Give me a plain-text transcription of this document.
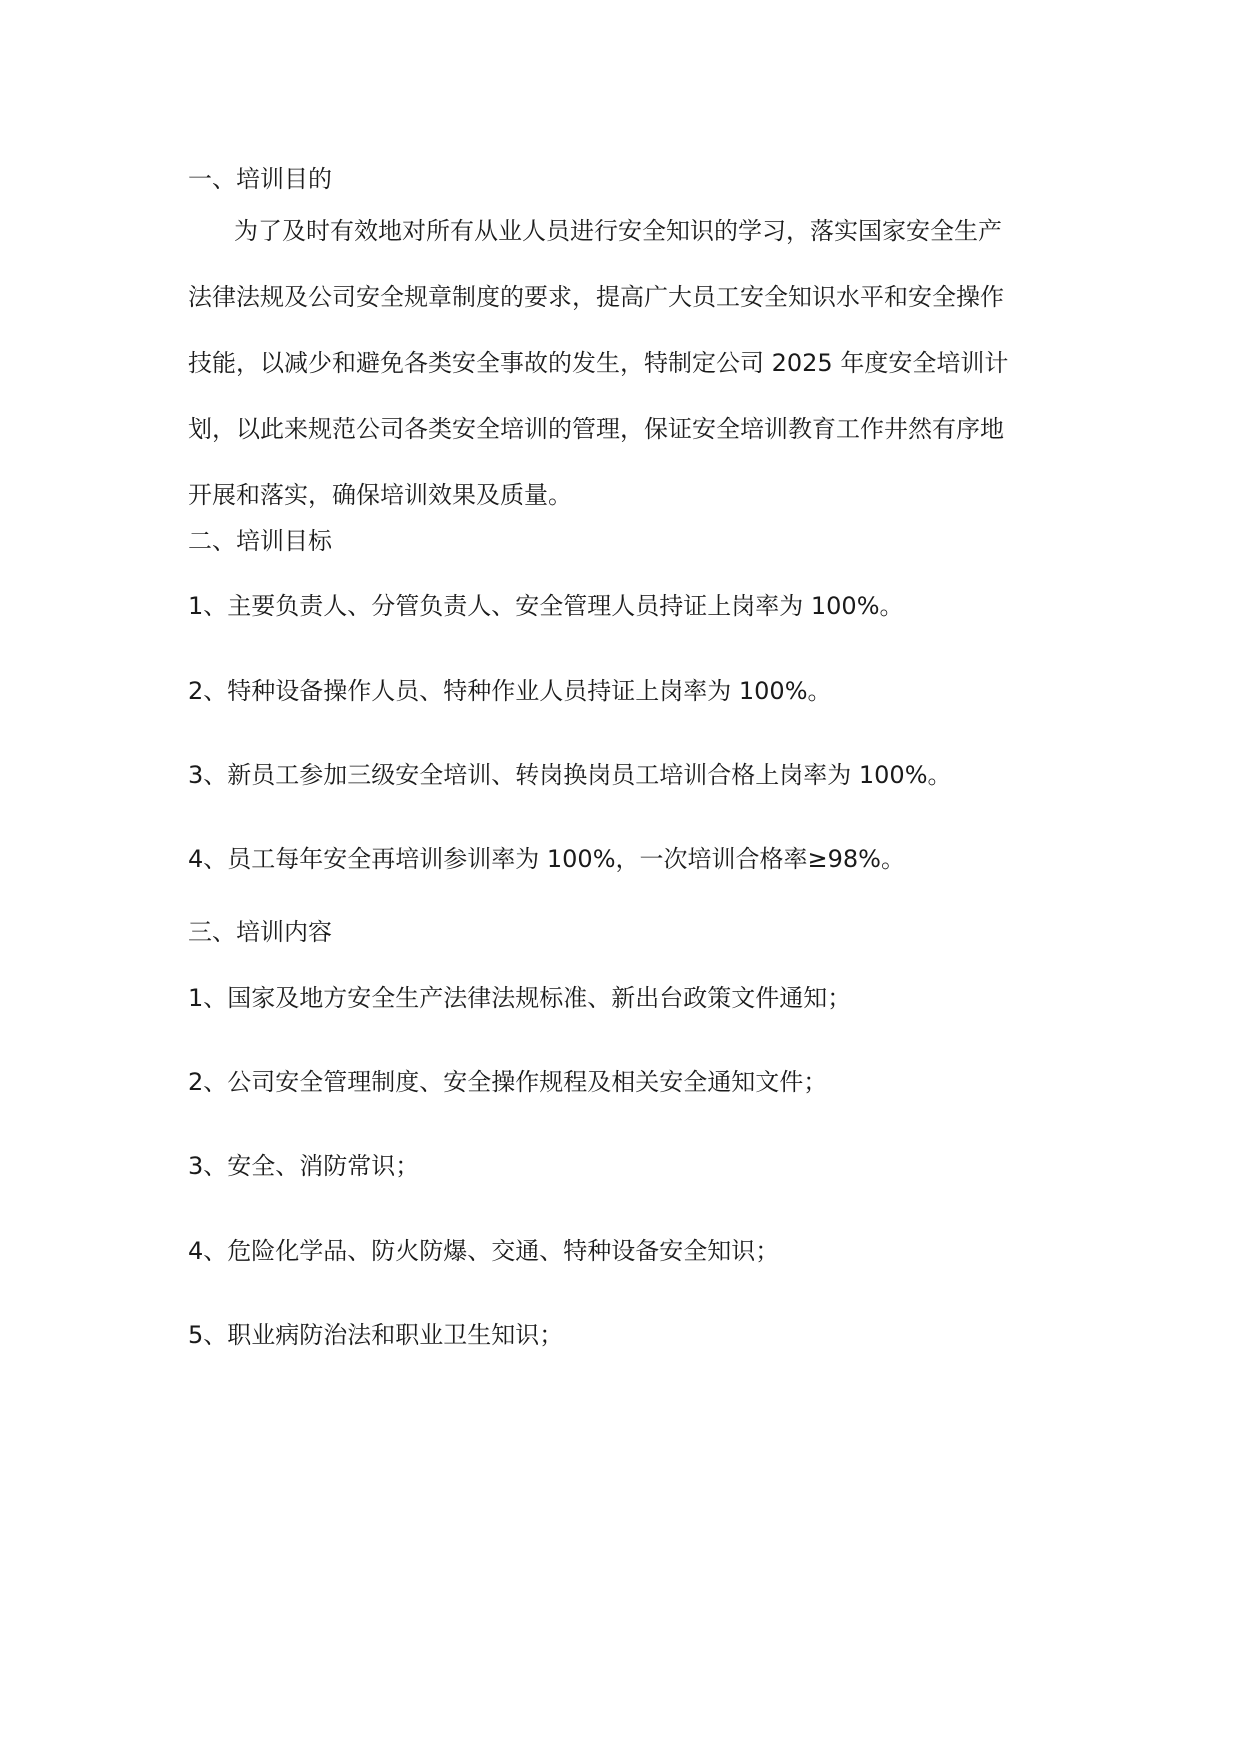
一、培训目的
为了及时有效地对所有从业人员进行安全知识的学习，落实国家安全生产
法律法规及公司安全规章制度的要求，提高广大员工安全知识水平和安全操作
技能，以减少和避免各类安全事故的发生，特制定公司 2025 年度安全培训计
划，以此来规范公司各类安全培训的管理，保证安全培训教育工作井然有序地
开展和落实，确保培训效果及质量。
二、培训目标
1、主要负责人、分管负责人、安全管理人员持证上岗率为 100%。
2、特种设备操作人员、特种作业人员持证上岗率为 100%。
3、新员工参加三级安全培训、转岗换岗员工培训合格上岗率为 100%。
4、员工每年安全再培训参训率为 100%，一次培训合格率≥98%。
三、培训内容
1、国家及地方安全生产法律法规标准、新出台政策文件通知；
2、公司安全管理制度、安全操作规程及相关安全通知文件；
3、安全、消防常识；
4、危险化学品、防火防爆、交通、特种设备安全知识；
5、职业病防治法和职业卫生知识；
